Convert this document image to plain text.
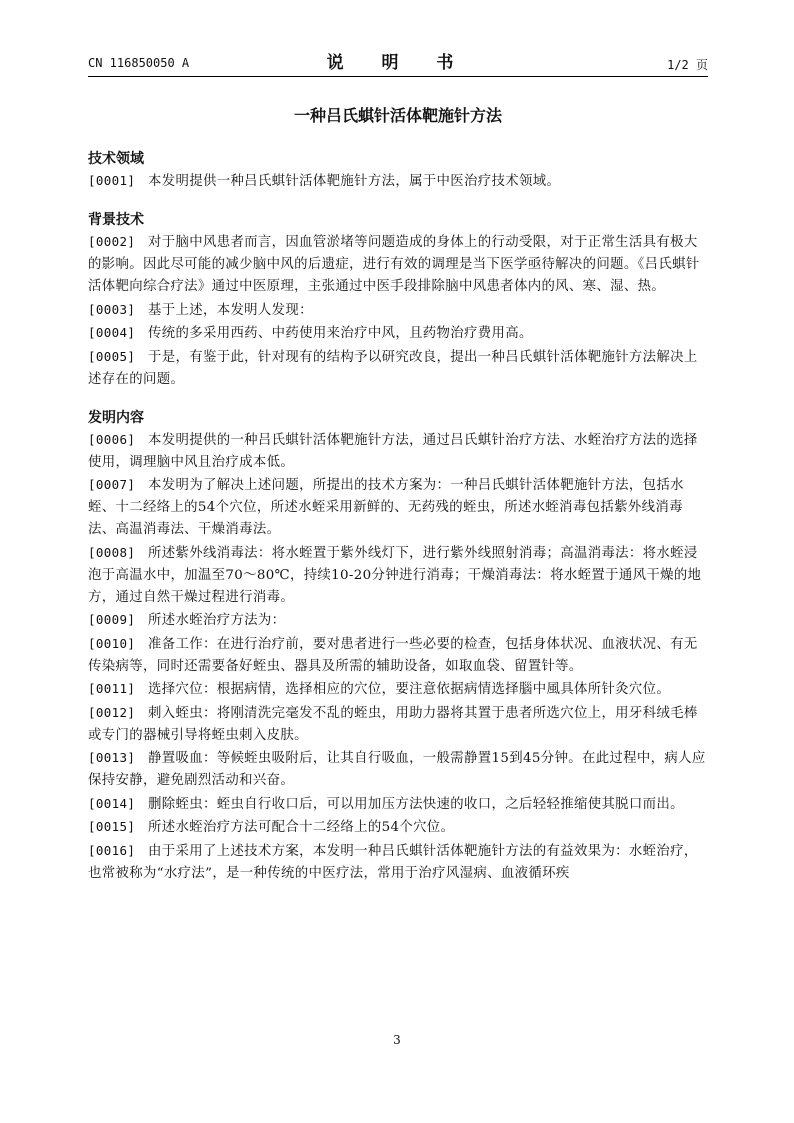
CN 116850050 A	说 明 书	1/2 页
一种吕氏蜞针活体靶施针方法
技术领域
[0001] 本发明提供一种吕氏蜞针活体靶施针方法，属于中医治疗技术领域。
背景技术
[0002] 对于脑中风患者而言，因血管淤堵等问题造成的身体上的行动受限，对于正常生活具有极大的影响。因此尽可能的减少脑中风的后遗症，进行有效的调理是当下医学亟待解决的问题。《吕氏蜞针活体靶向综合疗法》通过中医原理，主张通过中医手段排除脑中风患者体内的风、寒、湿、热。
[0003] 基于上述，本发明人发现：
[0004] 传统的多采用西药、中药使用来治疗中风，且药物治疗费用高。
[0005] 于是，有鉴于此，针对现有的结构予以研究改良，提出一种吕氏蜞针活体靶施针方法解决上述存在的问题。
发明内容
[0006] 本发明提供的一种吕氏蜞针活体靶施针方法，通过吕氏蜞针治疗方法、水蛭治疗方法的选择使用，调理脑中风且治疗成本低。
[0007] 本发明为了解决上述问题，所提出的技术方案为：一种吕氏蜞针活体靶施针方法，包括水蛭、十二经络上的54个穴位，所述水蛭采用新鲜的、无药残的蛭虫，所述水蛭消毒包括紫外线消毒法、高温消毒法、干燥消毒法。
[0008] 所述紫外线消毒法：将水蛭置于紫外线灯下，进行紫外线照射消毒；高温消毒法：将水蛭浸泡于高温水中，加温至70～80℃，持续10-20分钟进行消毒；干燥消毒法：将水蛭置于通风干燥的地方，通过自然干燥过程进行消毒。
[0009] 所述水蛭治疗方法为：
[0010] 准备工作：在进行治疗前，要对患者进行一些必要的检查，包括身体状况、血液状况、有无传染病等，同时还需要备好蛭虫、器具及所需的辅助设备，如取血袋、留置针等。
[0011] 选择穴位：根据病情，选择相应的穴位，要注意依据病情选择腦中風具体所针灸穴位。
[0012] 刺入蛭虫：将刚清洗完毫发不乱的蛭虫，用助力器将其置于患者所选穴位上，用牙科绒毛棒或专门的器械引导将蛭虫刺入皮肤。
[0013] 静置吸血：等候蛭虫吸附后，让其自行吸血，一般需静置15到45分钟。在此过程中，病人应保持安静，避免剧烈活动和兴奋。
[0014] 删除蛭虫：蛭虫自行收口后，可以用加压方法快速的收口，之后轻轻推缩使其脱口而出。
[0015] 所述水蛭治疗方法可配合十二经络上的54个穴位。
[0016] 由于采用了上述技术方案，本发明一种吕氏蜞针活体靶施针方法的有益效果为：水蛭治疗，也常被称为“水疗法”，是一种传统的中医疗法，常用于治疗风湿病、血液循环疾
3
